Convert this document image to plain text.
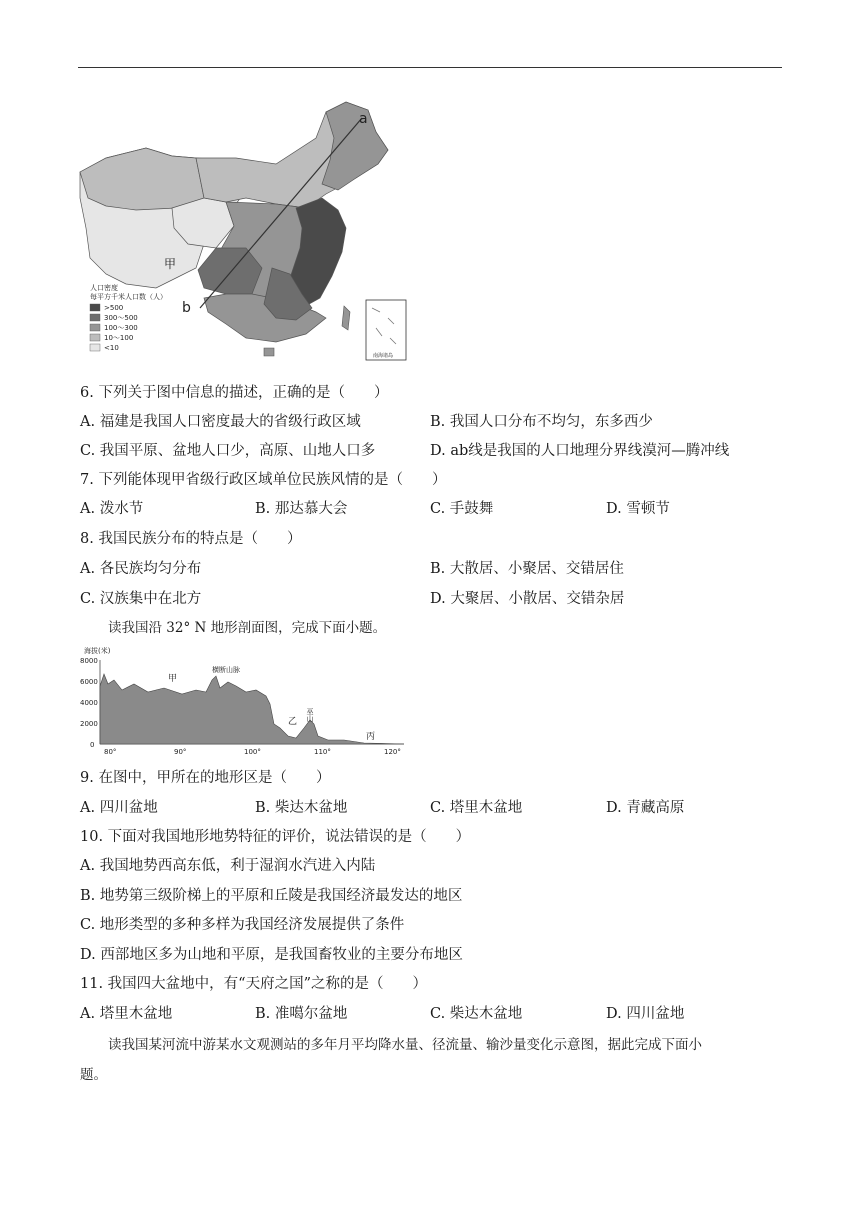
a
b
甲
人口密度
每平方千米人口数（人）
>500
300～500
100～300
10～100
<10
南海诸岛
6. 下列关于图中信息的描述，正确的是（　　）
A. 福建是我国人口密度最大的省级行政区域	B. 我国人口分布不均匀，东多西少
C. 我国平原、盆地人口少，高原、山地人口多	D. ab线是我国的人口地理分界线漠河—腾冲线
7. 下列能体现甲省级行政区域单位民族风情的是（　　）
A. 泼水节	B. 那达慕大会	C. 手鼓舞	D. 雪顿节
8. 我国民族分布的特点是（　　）
A. 各民族均匀分布	B. 大散居、小聚居、交错居住
C. 汉族集中在北方	D. 大聚居、小散居、交错杂居
读我国沿 32° N 地形剖面图，完成下面小题。
海拔(米)
8000
6000
4000
2000
0
80°	90°	100°	110°	120°
甲
横断山脉
乙 巫山
丙
9. 在图中，甲所在的地形区是（　　）
A. 四川盆地	B. 柴达木盆地	C. 塔里木盆地	D. 青藏高原
10. 下面对我国地形地势特征的评价，说法错误的是（　　）
A. 我国地势西高东低，利于湿润水汽进入内陆
B. 地势第三级阶梯上的平原和丘陵是我国经济最发达的地区
C. 地形类型的多种多样为我国经济发展提供了条件
D. 西部地区多为山地和平原，是我国畜牧业的主要分布地区
11. 我国四大盆地中，有“天府之国”之称的是（　　）
A. 塔里木盆地	B. 准噶尔盆地	C. 柴达木盆地	D. 四川盆地
读我国某河流中游某水文观测站的多年月平均降水量、径流量、输沙量变化示意图，据此完成下面小
题。
